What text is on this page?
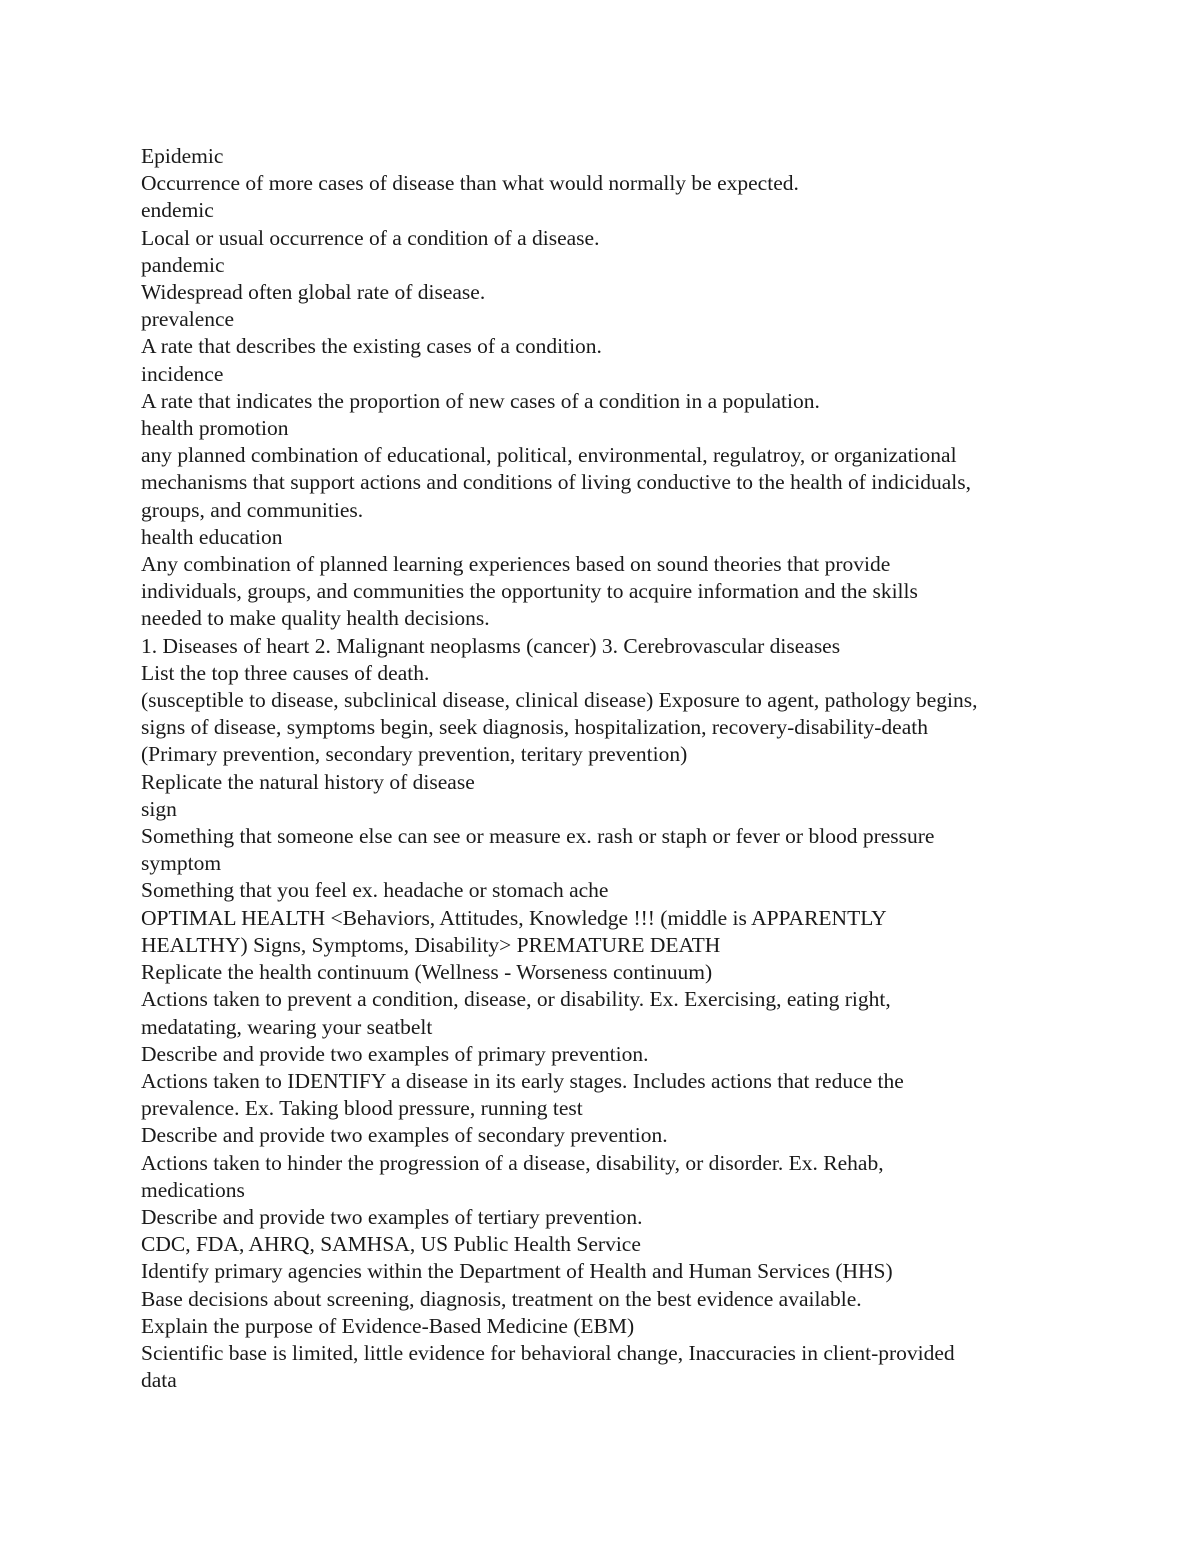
Epidemic
Occurrence of more cases of disease than what would normally be expected.
endemic
Local or usual occurrence of a condition of a disease.
pandemic
Widespread often global rate of disease.
prevalence
A rate that describes the existing cases of a condition.
incidence
A rate that indicates the proportion of new cases of a condition in a population.
health promotion
any planned combination of educational, political, environmental, regulatroy, or organizational
mechanisms that support actions and conditions of living conductive to the health of indiciduals,
groups, and communities.
health education
Any combination of planned learning experiences based on sound theories that provide
individuals, groups, and communities the opportunity to acquire information and the skills
needed to make quality health decisions.
1. Diseases of heart 2. Malignant neoplasms (cancer) 3. Cerebrovascular diseases
List the top three causes of death.
(susceptible to disease, subclinical disease, clinical disease) Exposure to agent, pathology begins,
signs of disease, symptoms begin, seek diagnosis, hospitalization, recovery-disability-death
(Primary prevention, secondary prevention, teritary prevention)
Replicate the natural history of disease
sign
Something that someone else can see or measure ex. rash or staph or fever or blood pressure
symptom
Something that you feel ex. headache or stomach ache
OPTIMAL HEALTH <Behaviors, Attitudes, Knowledge !!! (middle is APPARENTLY
HEALTHY) Signs, Symptoms, Disability> PREMATURE DEATH
Replicate the health continuum (Wellness - Worseness continuum)
Actions taken to prevent a condition, disease, or disability. Ex. Exercising, eating right,
medatating, wearing your seatbelt
Describe and provide two examples of primary prevention.
Actions taken to IDENTIFY a disease in its early stages. Includes actions that reduce the
prevalence. Ex. Taking blood pressure, running test
Describe and provide two examples of secondary prevention.
Actions taken to hinder the progression of a disease, disability, or disorder. Ex. Rehab,
medications
Describe and provide two examples of tertiary prevention.
CDC, FDA, AHRQ, SAMHSA, US Public Health Service
Identify primary agencies within the Department of Health and Human Services (HHS)
Base decisions about screening, diagnosis, treatment on the best evidence available.
Explain the purpose of Evidence-Based Medicine (EBM)
Scientific base is limited, little evidence for behavioral change, Inaccuracies in client-provided
data
